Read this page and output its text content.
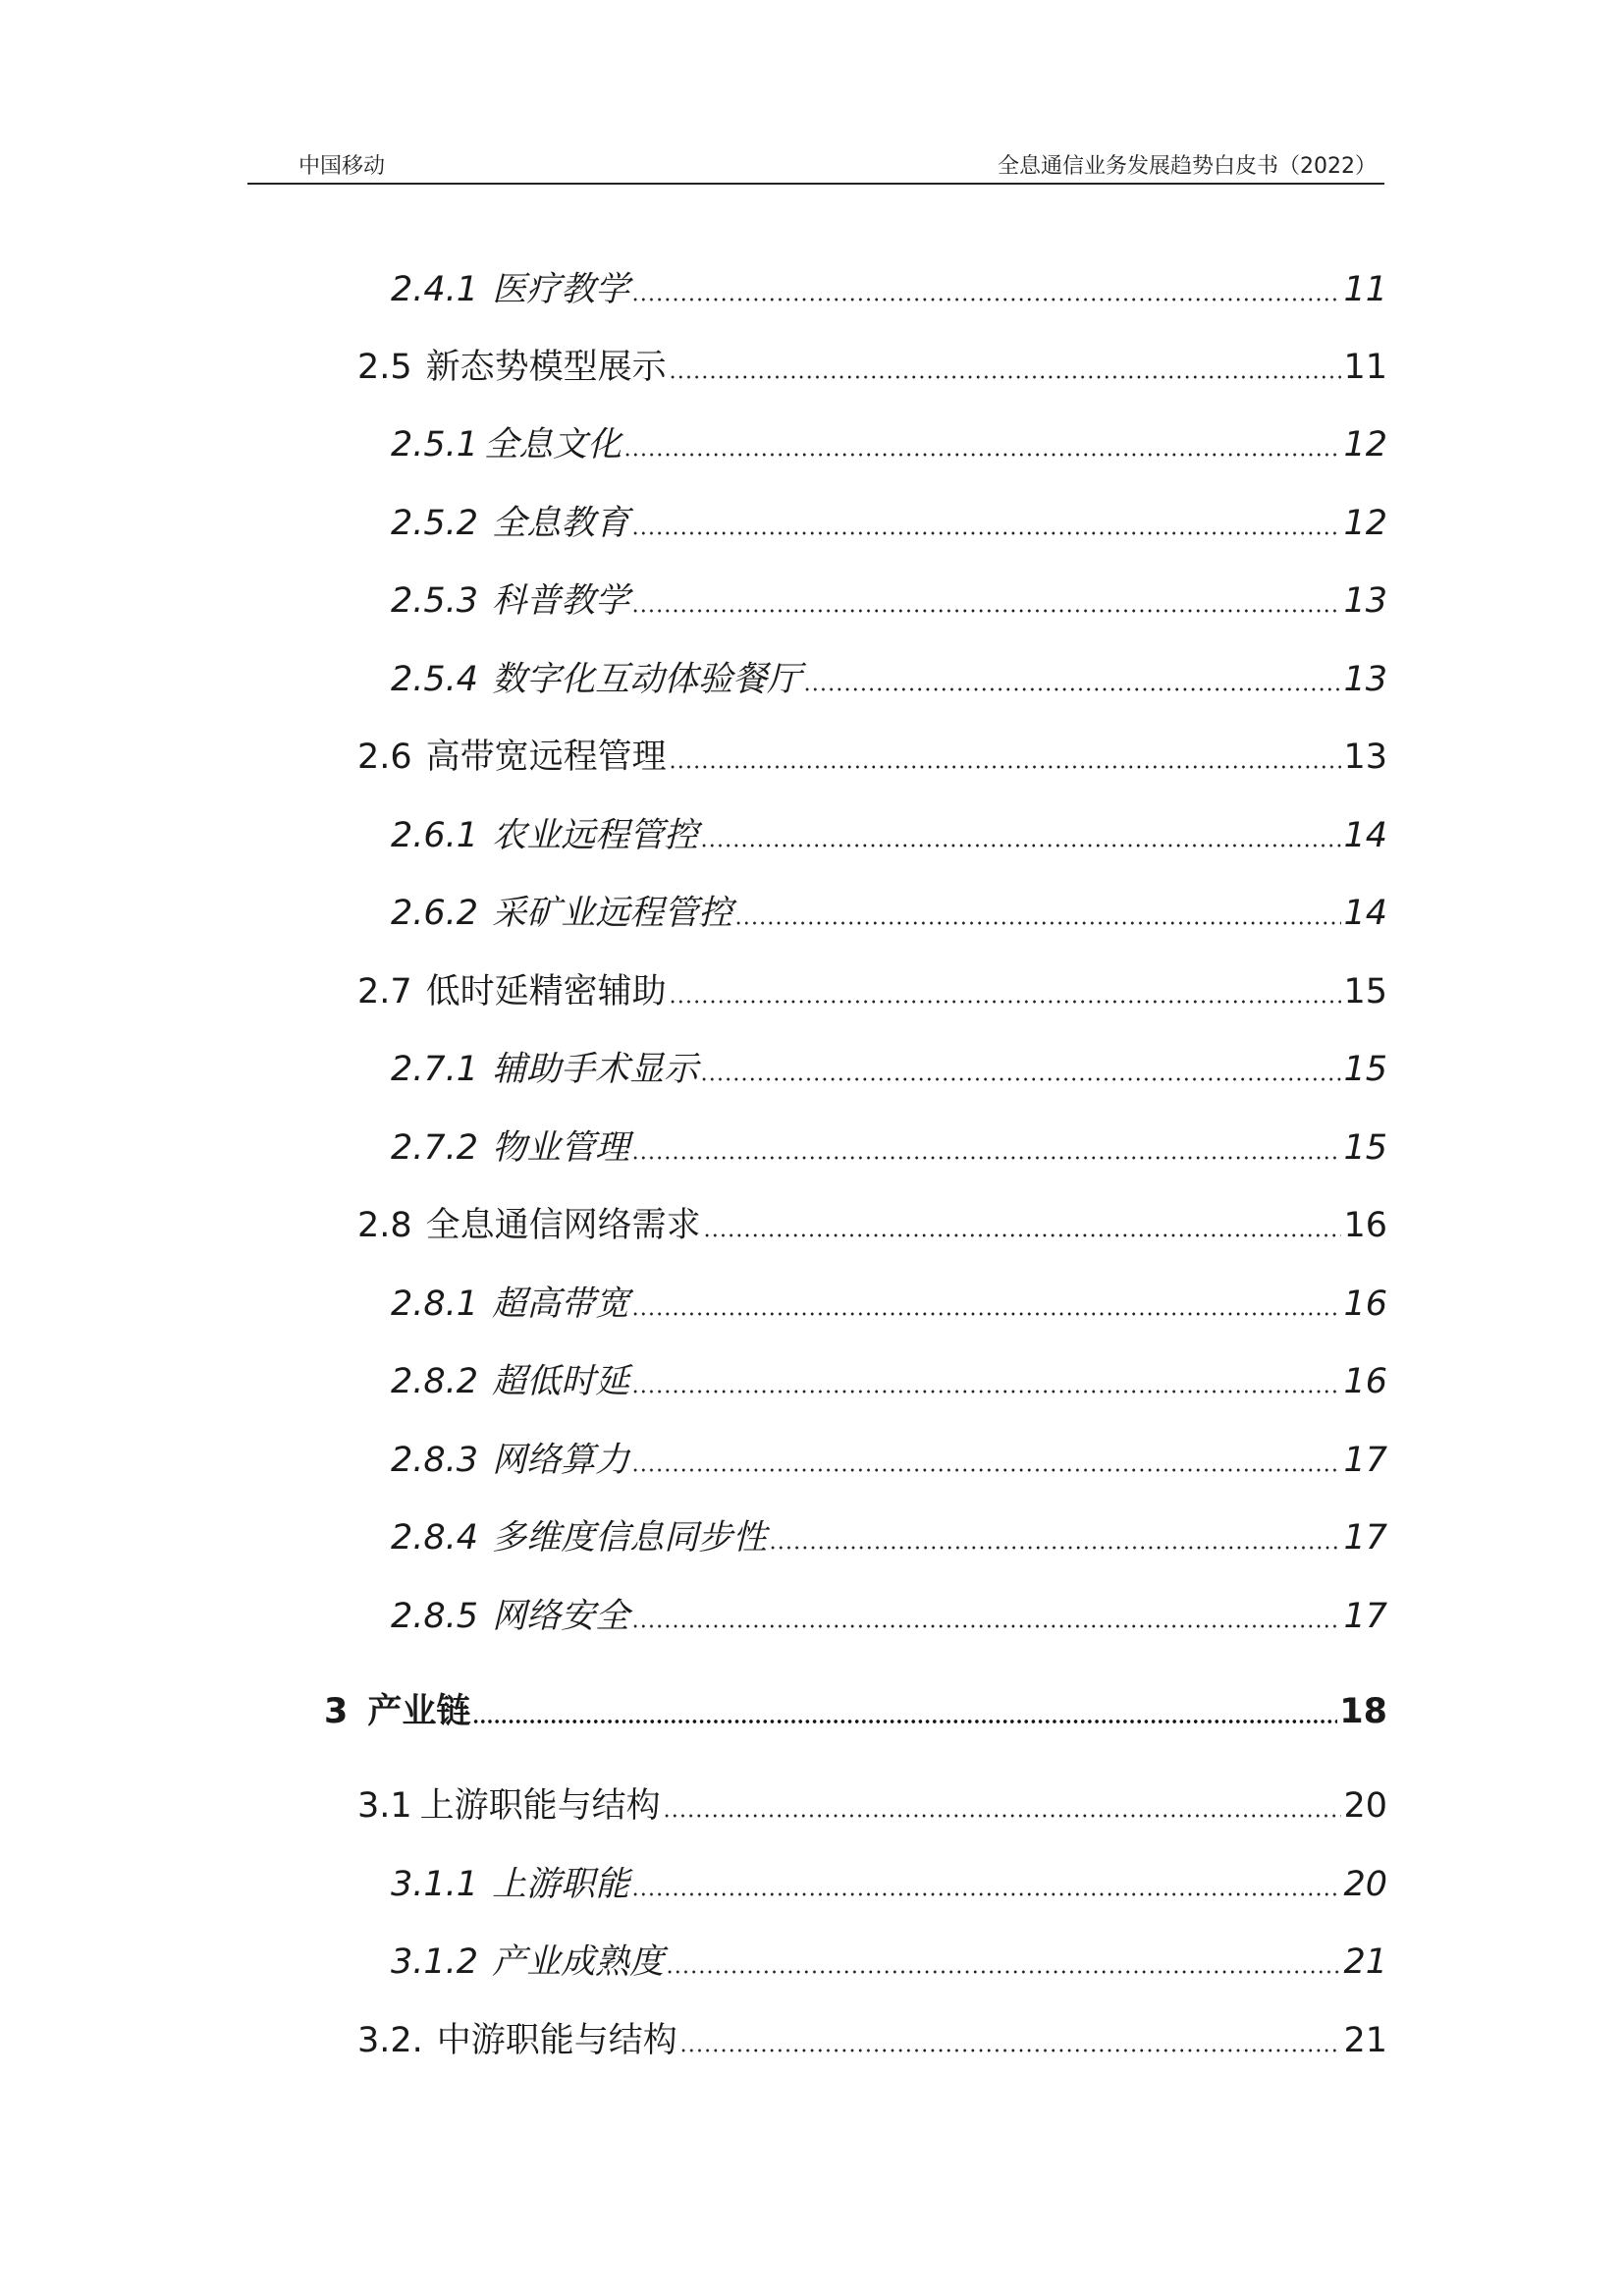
中国移动	全息通信业务发展趋势白皮书（2022）
2.4.1 医疗教学	11
2.5 新态势模型展示	11
2.5.1 全息文化	12
2.5.2 全息教育	12
2.5.3 科普教学	13
2.5.4 数字化互动体验餐厅	13
2.6 高带宽远程管理	13
2.6.1 农业远程管控	14
2.6.2 采矿业远程管控	14
2.7 低时延精密辅助	15
2.7.1 辅助手术显示	15
2.7.2 物业管理	15
2.8 全息通信网络需求	16
2.8.1 超高带宽	16
2.8.2 超低时延	16
2.8.3 网络算力	17
2.8.4 多维度信息同步性	17
2.8.5 网络安全	17
3 产业链	18
3.1 上游职能与结构	20
3.1.1 上游职能	20
3.1.2 产业成熟度	21
3.2. 中游职能与结构	21
